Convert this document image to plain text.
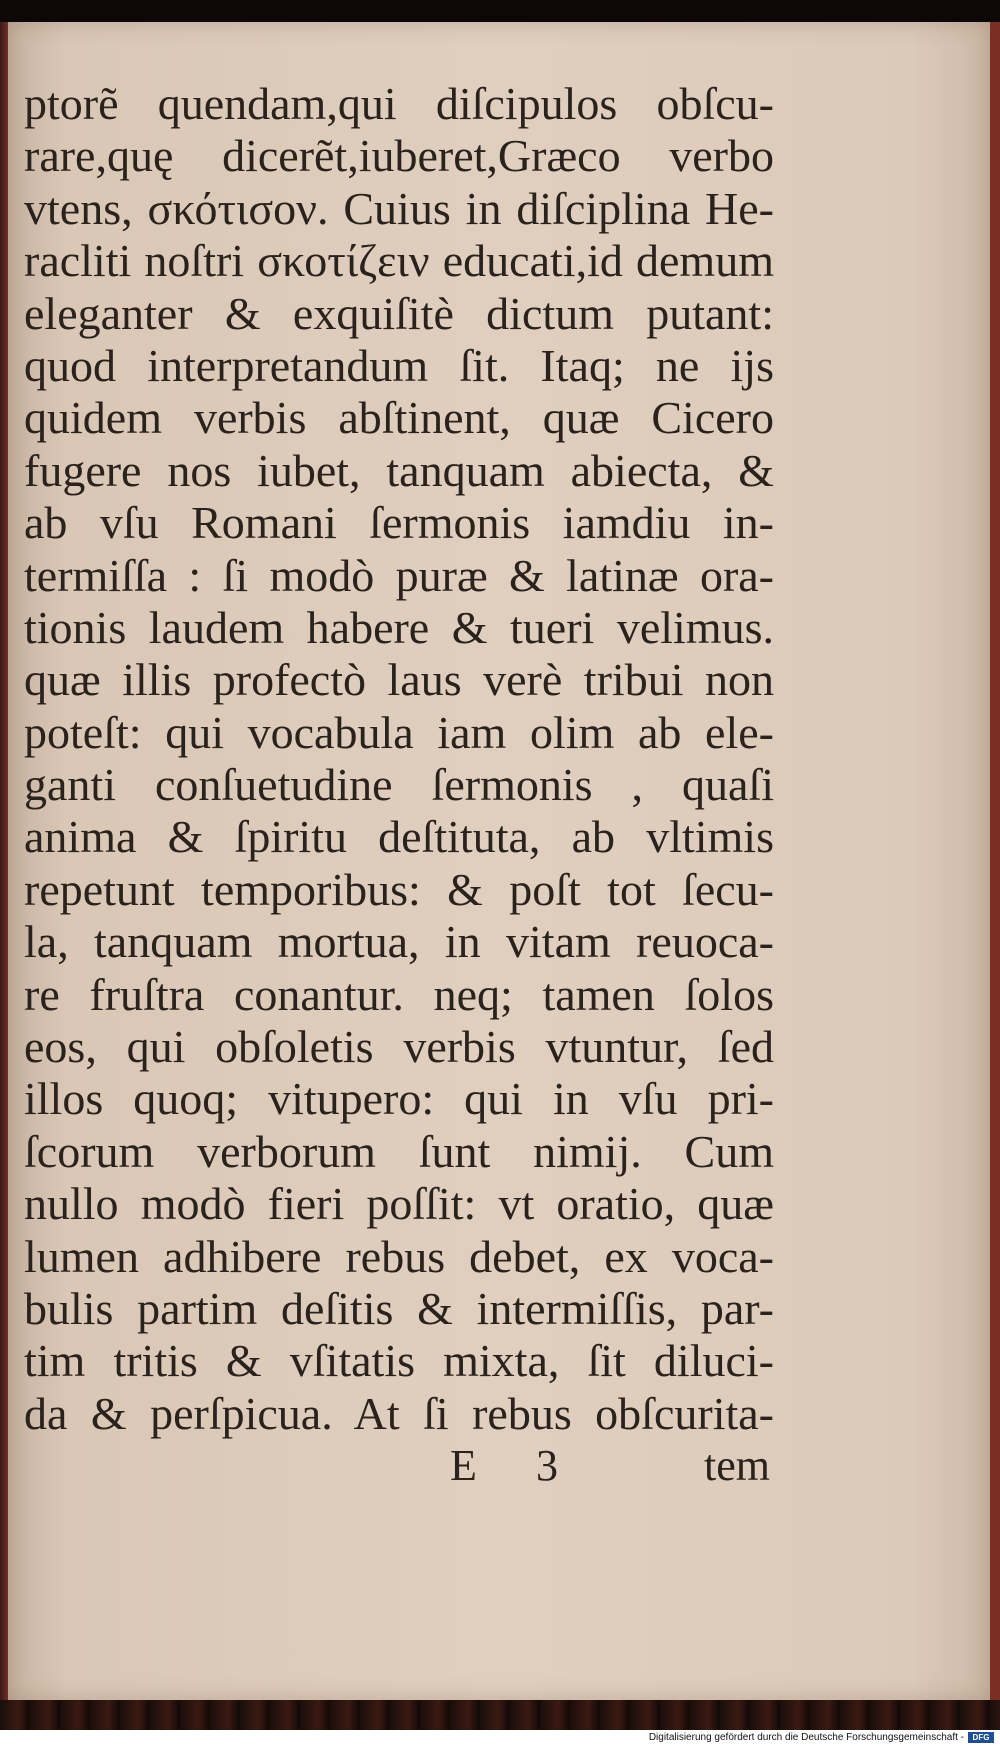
ptorẽ quendam,qui diſcipulos obſcu-
rare,quę dicerẽt,iuberet,Græco verbo
vtens, σκότισον. Cuius in diſciplina He-
racliti noſtri σκοτίζειν educati,id demum
eleganter & exquiſitè dictum putant:
quod interpretandum ſit. Itaq; ne ijs
quidem verbis abſtinent, quæ Cicero
fugere nos iubet, tanquam abiecta, &
ab vſu Romani ſermonis iamdiu in-
termiſſa : ſi modò puræ & latinæ ora-
tionis laudem habere & tueri velimus.
quæ illis profectò laus verè tribui non
poteſt: qui vocabula iam olim ab ele-
ganti conſuetudine ſermonis , quaſi
anima & ſpiritu deſtituta, ab vltimis
repetunt temporibus: & poſt tot ſecu-
la, tanquam mortua, in vitam reuoca-
re fruſtra conantur. neq; tamen ſolos
eos, qui obſoletis verbis vtuntur, ſed
illos quoq; vitupero: qui in vſu pri-
ſcorum verborum ſunt nimij. Cum
nullo modò fieri poſſit: vt oratio, quæ
lumen adhibere rebus debet, ex voca-
bulis partim deſitis & intermiſſis, par-
tim tritis & vſitatis mixta, ſit diluci-
da & perſpicua. At ſi rebus obſcurita-
E 3	tem
Digitalisierung gefördert durch die Deutsche Forschungsgemeinschaft -	DFG
